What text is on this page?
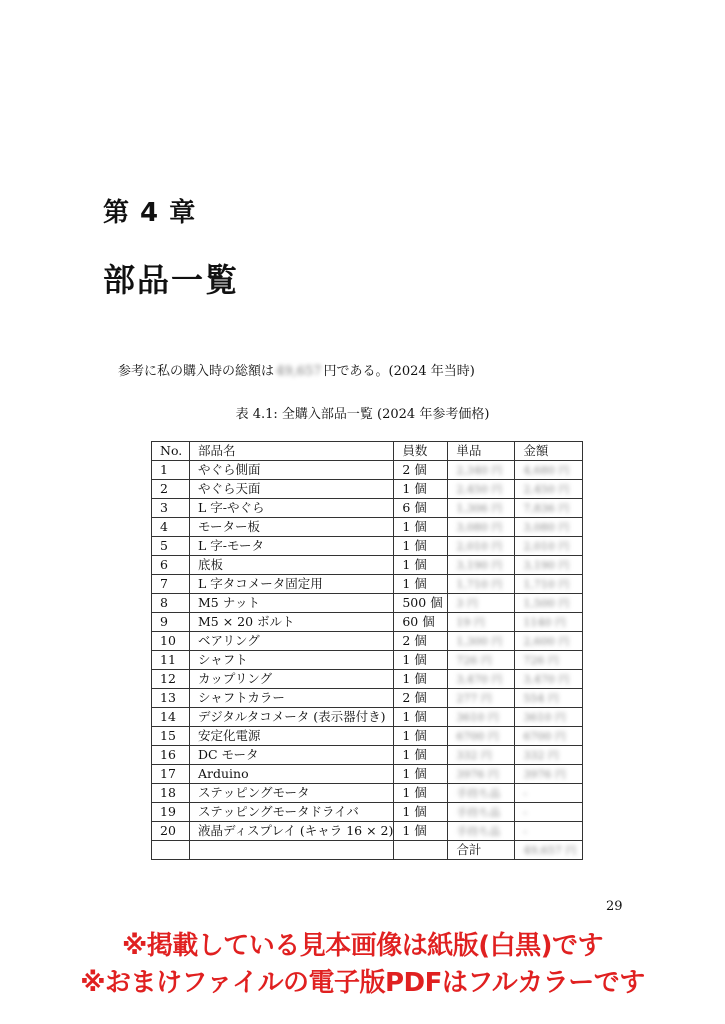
第 4 章
部品一覧
参考に私の購入時の総額は 49,657 円である。(2024 年当時)
表 4.1: 全購入部品一覧 (2024 年参考価格)
No.	部品名	員数	単品	金額
1	やぐら側面	2 個	2,340 円	4,680 円
2	やぐら天面	1 個	2,450 円	2,450 円
3	L 字-やぐら	6 個	1,306 円	7,836 円
4	モーター板	1 個	3,080 円	3,080 円
5	L 字-モータ	1 個	2,010 円	2,010 円
6	底板	1 個	3,190 円	3,190 円
7	L 字タコメータ固定用	1 個	1,710 円	1,710 円
8	M5 ナット	500 個	3 円	1,500 円
9	M5 × 20 ボルト	60 個	19 円	1140 円
10	ベアリング	2 個	1,300 円	2,600 円
11	シャフト	1 個	726 円	726 円
12	カップリング	1 個	3,470 円	3,470 円
13	シャフトカラー	2 個	277 円	554 円
14	デジタルタコメータ (表示器付き)	1 個	3610 円	3610 円
15	安定化電源	1 個	6700 円	6700 円
16	DC モータ	1 個	332 円	332 円
17	Arduino	1 個	3976 円	3976 円
18	ステッピングモータ	1 個	手持ち品	-
19	ステッピングモータドライバ	1 個	手持ち品	-
20	液晶ディスプレイ (キャラ 16 × 2)	1 個	手持ち品	-
			合計	49,657 円
29
※掲載している見本画像は紙版(白黒)です
※おまけファイルの電子版PDFはフルカラーです
